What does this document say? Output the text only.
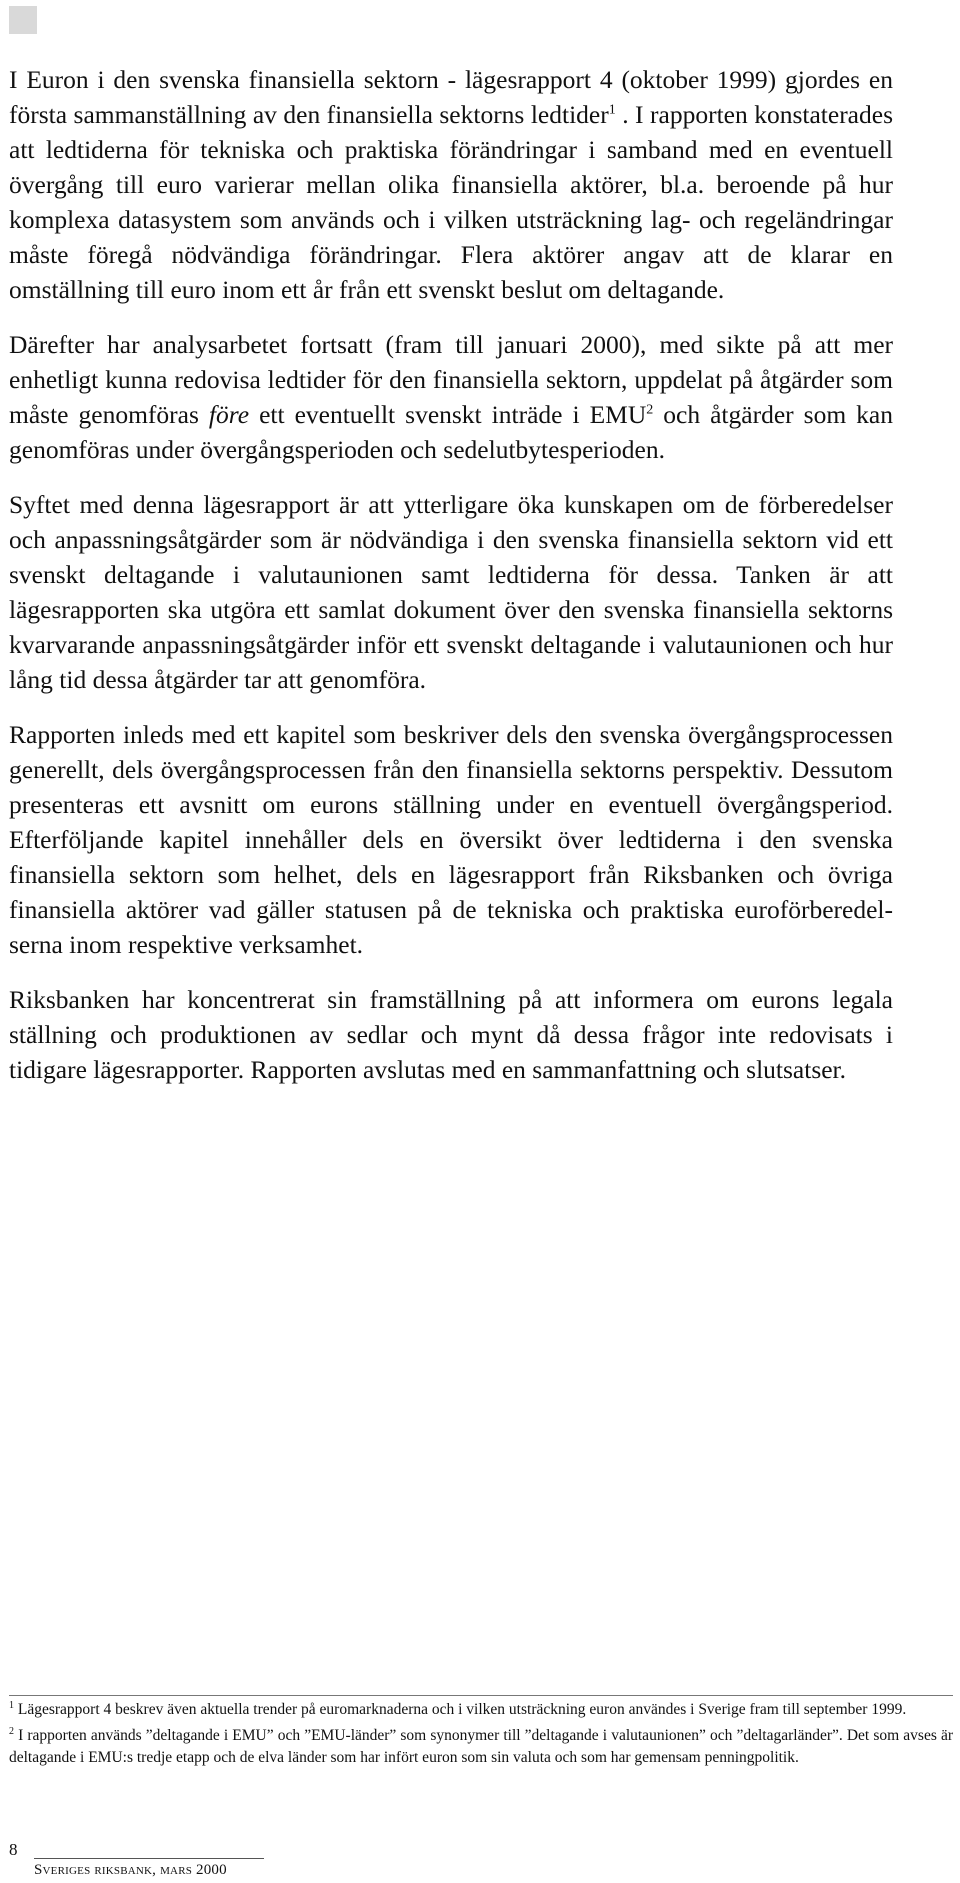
I Euron i den svenska finansiella sektorn - lägesrapport 4 (oktober 1999) gjordes en första sammanställning av den finansiella sektorns ledtider$^1$ . I rapporten konstaterades att ledtiderna för tekniska och praktiska förändringar i samband med en eventuell övergång till euro varierar mellan olika finansiella aktörer, bl.a. beroende på hur komplexa datasystem som används och i vilken utsträckning lag- och regeländringar måste föregå nödvändiga förändringar. Flera aktörer angav att de klarar en omställning till euro inom ett år från ett svenskt beslut om deltagande.

Därefter har analysarbetet fortsatt (fram till januari 2000), med sikte på att mer enhetligt kunna redovisa ledtider för den finansiella sektorn, uppdelat på åtgärder som måste genomföras före ett eventuellt svenskt inträde i EMU$^2$ och åtgärder som kan genomföras under övergångsperioden och sedelutbytesperioden.

Syftet med denna lägesrapport är att ytterligare öka kunskapen om de förberedelser och anpassningsåtgärder som är nödvändiga i den svenska finansiella sektorn vid ett svenskt deltagande i valutaunionen samt ledtiderna för dessa. Tanken är att lägesrapporten ska utgöra ett samlat dokument över den svenska finansiella sektorns kvarvarande anpassningsåtgärder inför ett svenskt deltagande i valutaunionen och hur lång tid dessa åtgärder tar att genomföra.

Rapporten inleds med ett kapitel som beskriver dels den svenska övergångsprocessen generellt, dels övergångsprocessen från den finansiella sektorns perspektiv. Dessutom presenteras ett avsnitt om eurons ställning under en eventuell övergångsperiod. Efterföljande kapitel innehåller dels en översikt över ledtiderna i den svenska finansiella sektorn som helhet, dels en lägesrapport från Riksbanken och övriga finansiella aktörer vad gäller statusen på de tekniska och praktiska euroförberedelserna inom respektive verksamhet.

Riksbanken har koncentrerat sin framställning på att informera om eurons legala ställning och produktionen av sedlar och mynt då dessa frågor inte redovisats i tidigare lägesrapporter. Rapporten avslutas med en sammanfattning och slutsatser.

$^1$ Lägesrapport 4 beskrev även aktuella trender på euromarknaderna och i vilken utsträckning euron användes i Sverige fram till september 1999.

$^2$ I rapporten används ”deltagande i EMU” och ”EMU-länder” som synonymer till ”deltagande i valutaunionen” och ”deltagarländer”. Det som avses är deltagande i EMU:s tredje etapp och de elva länder som har infört euron som sin valuta och som har gemensam penningpolitik.

8
Sveriges riksbank, mars 2000
